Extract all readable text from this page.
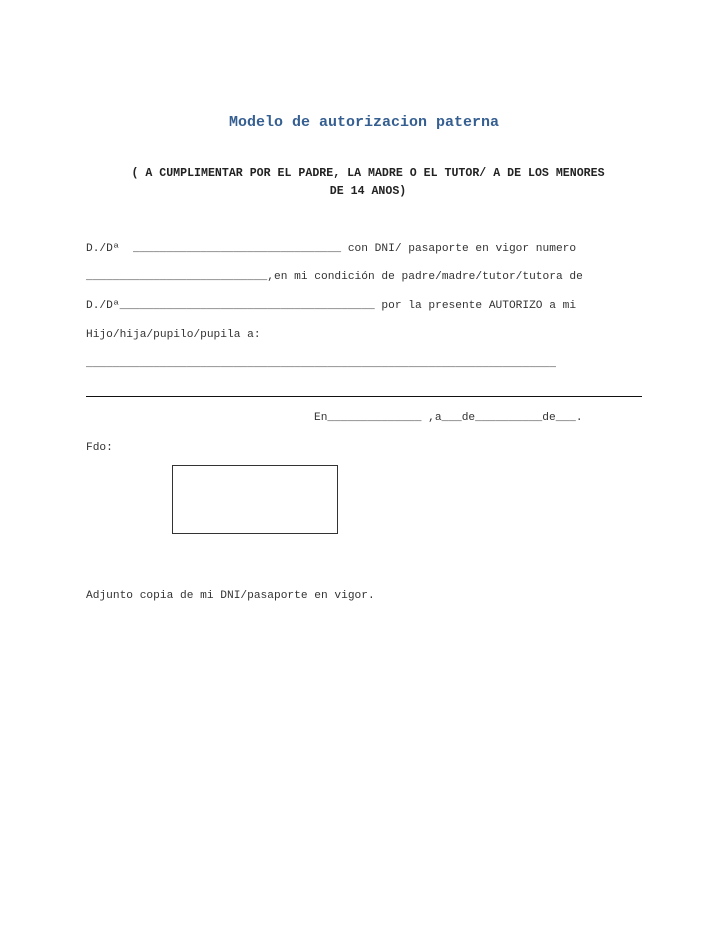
Modelo de autorizacion paterna
( A CUMPLIMENTAR POR EL PADRE, LA MADRE O EL TUTOR/ A DE LOS MENORES
DE 14 ANOS)
D./Dª  _______________________________ con DNI/ pasaporte en vigor numero
___________________________,en mi condición de padre/madre/tutor/tutora de
D./Dª______________________________________ por la presente AUTORIZO a mi
Hijo/hija/pupilo/pupila a:
______________________________________________________________________
En______________ ,a___de__________de___.
Fdo:
Adjunto copia de mi DNI/pasaporte en vigor.
